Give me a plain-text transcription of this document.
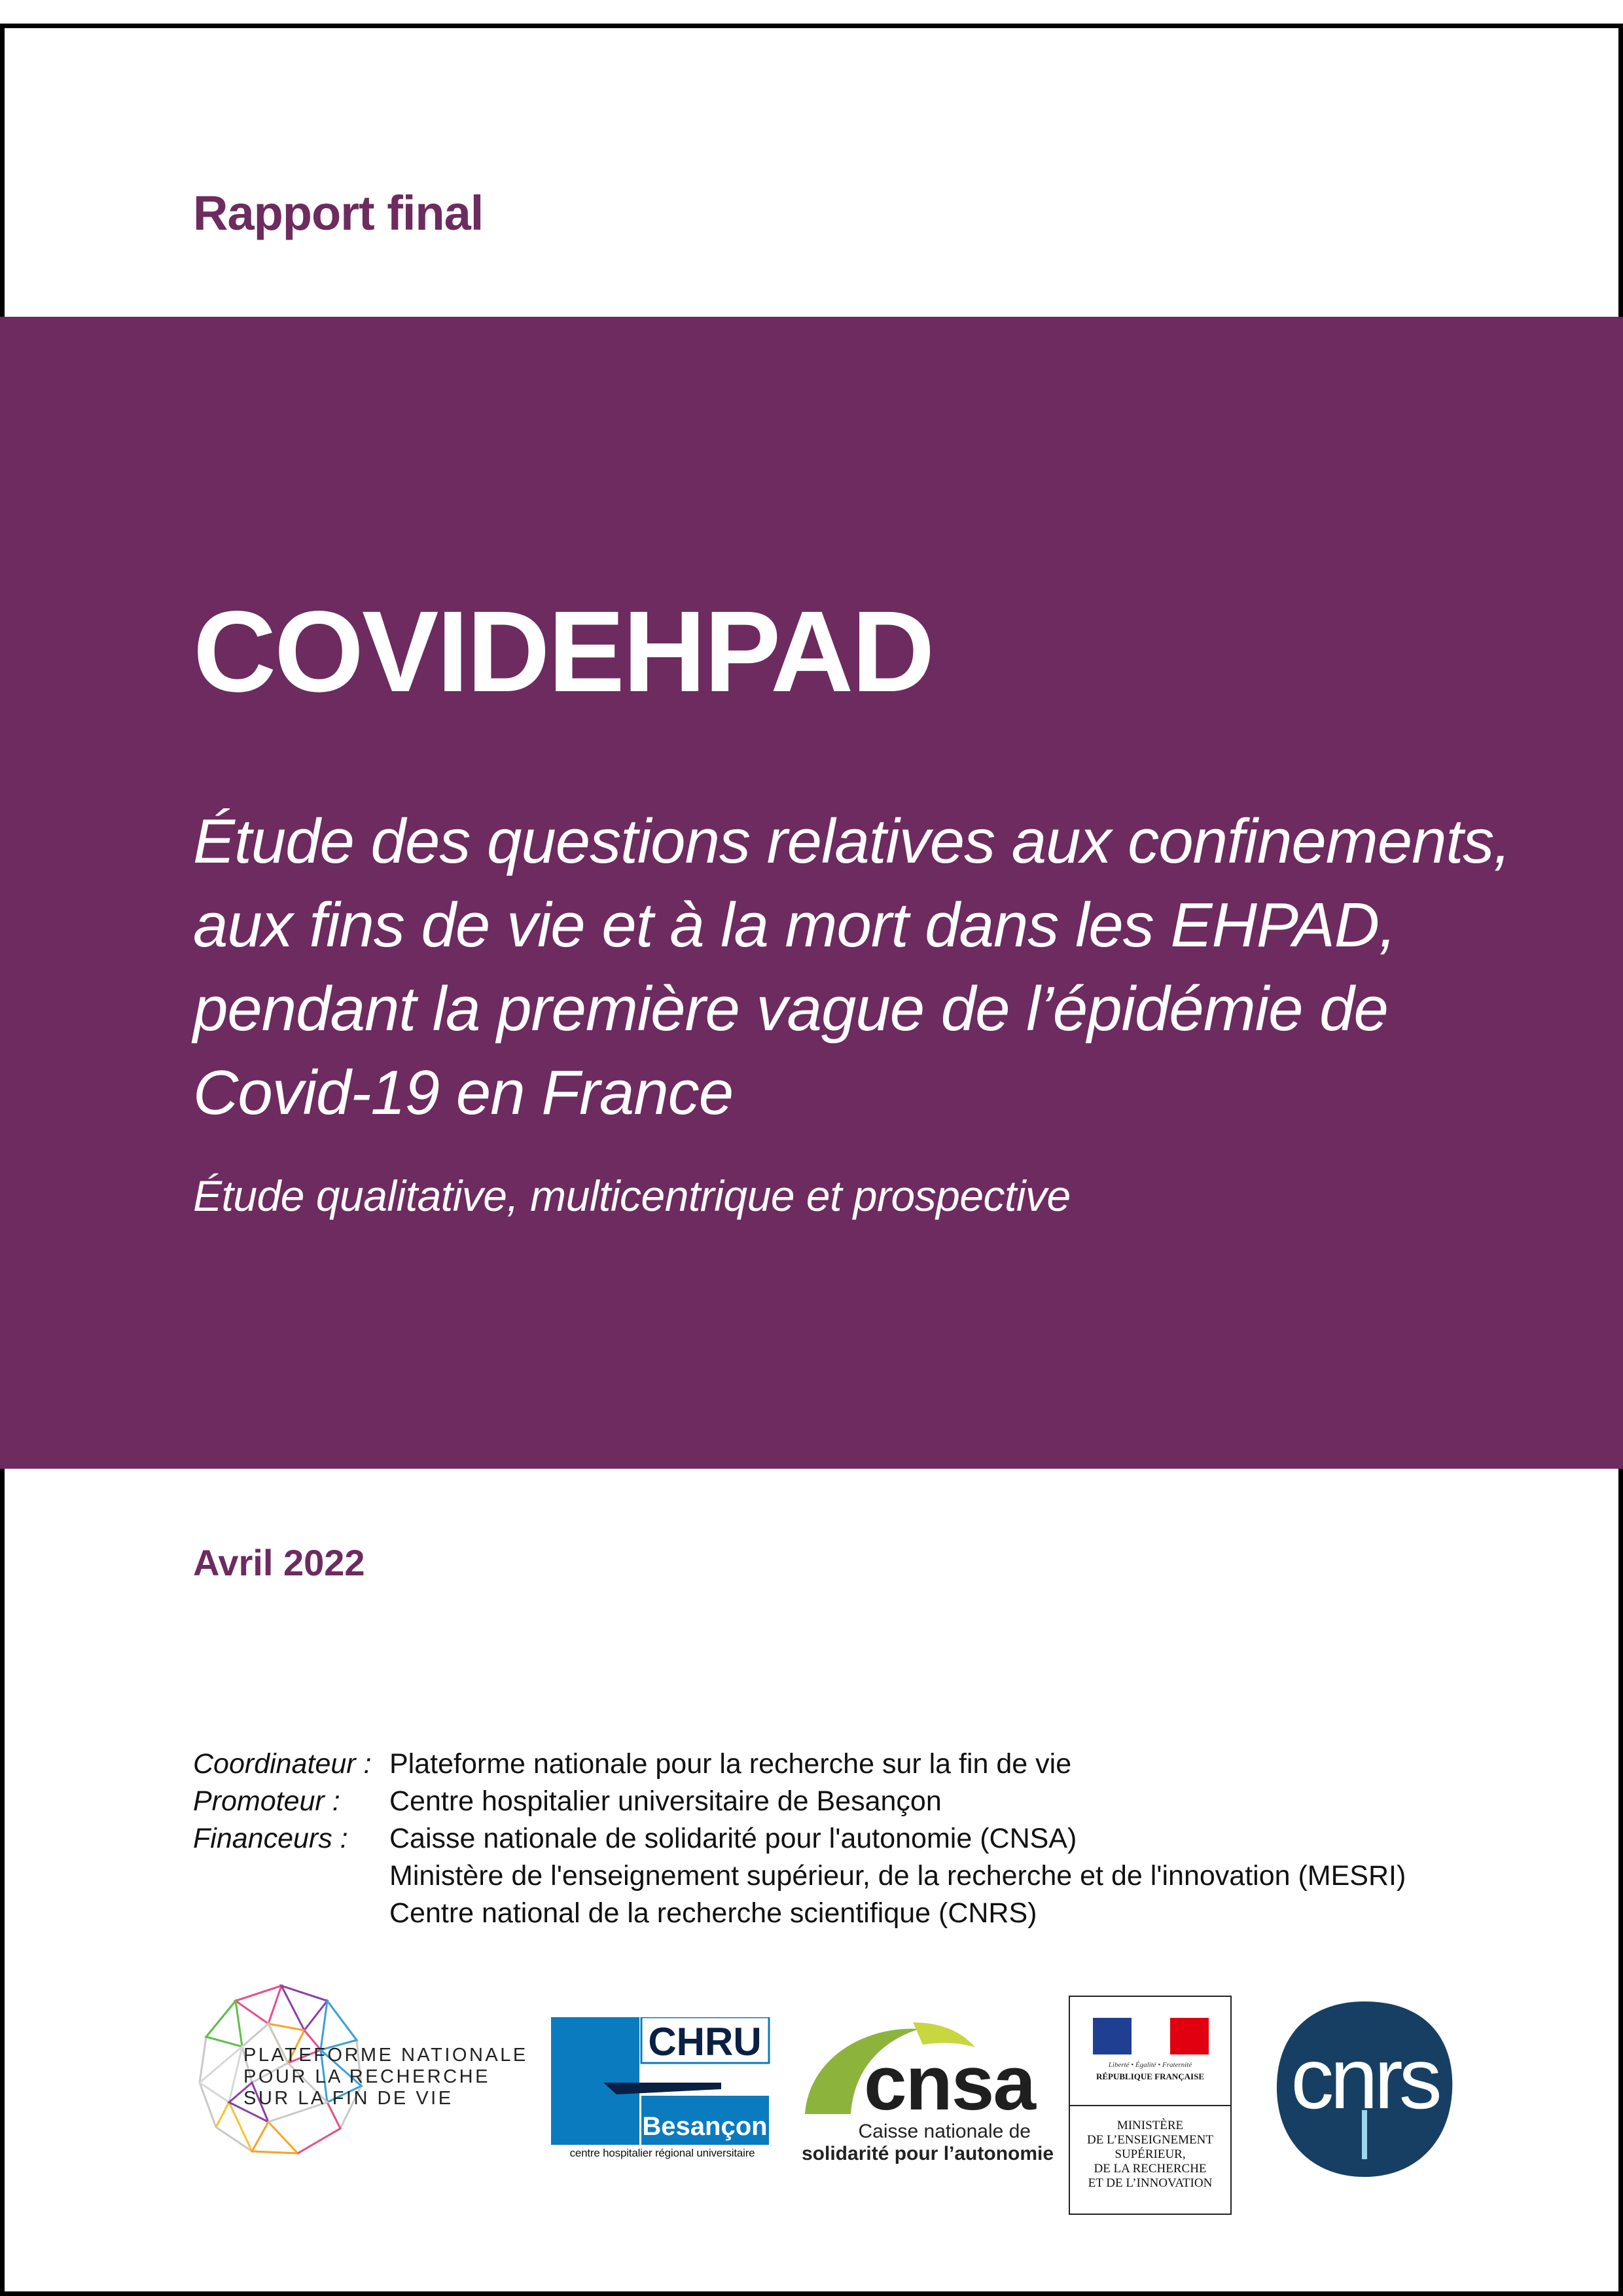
Rapport final
COVIDEHPAD
Étude des questions relatives aux confinements,
aux fins de vie et à la mort dans les EHPAD,
pendant la première vague de l’épidémie de
Covid-19 en France
Étude qualitative, multicentrique et prospective
Avril 2022
Coordinateur : Plateforme nationale pour la recherche sur la fin de vie
Promoteur :	Centre hospitalier universitaire de Besançon
Financeurs :	Caisse nationale de solidarité pour l'autonomie (CNSA)
Ministère de l'enseignement supérieur, de la recherche et de l'innovation (MESRI)
Centre national de la recherche scientifique (CNRS)
PLATEFORME NATIONALE
POUR LA RECHERCHE
SUR LA FIN DE VIE
CHRU
Besançon
centre hospitalier régional universitaire
cnsa
Caisse nationale de
solidarité pour l’autonomie
Liberté • Égalité • Fraternité
RÉPUBLIQUE FRANÇAISE
MINISTÈRE
DE L’ENSEIGNEMENT
SUPÉRIEUR,
DE LA RECHERCHE
ET DE L’INNOVATION
cnrs
